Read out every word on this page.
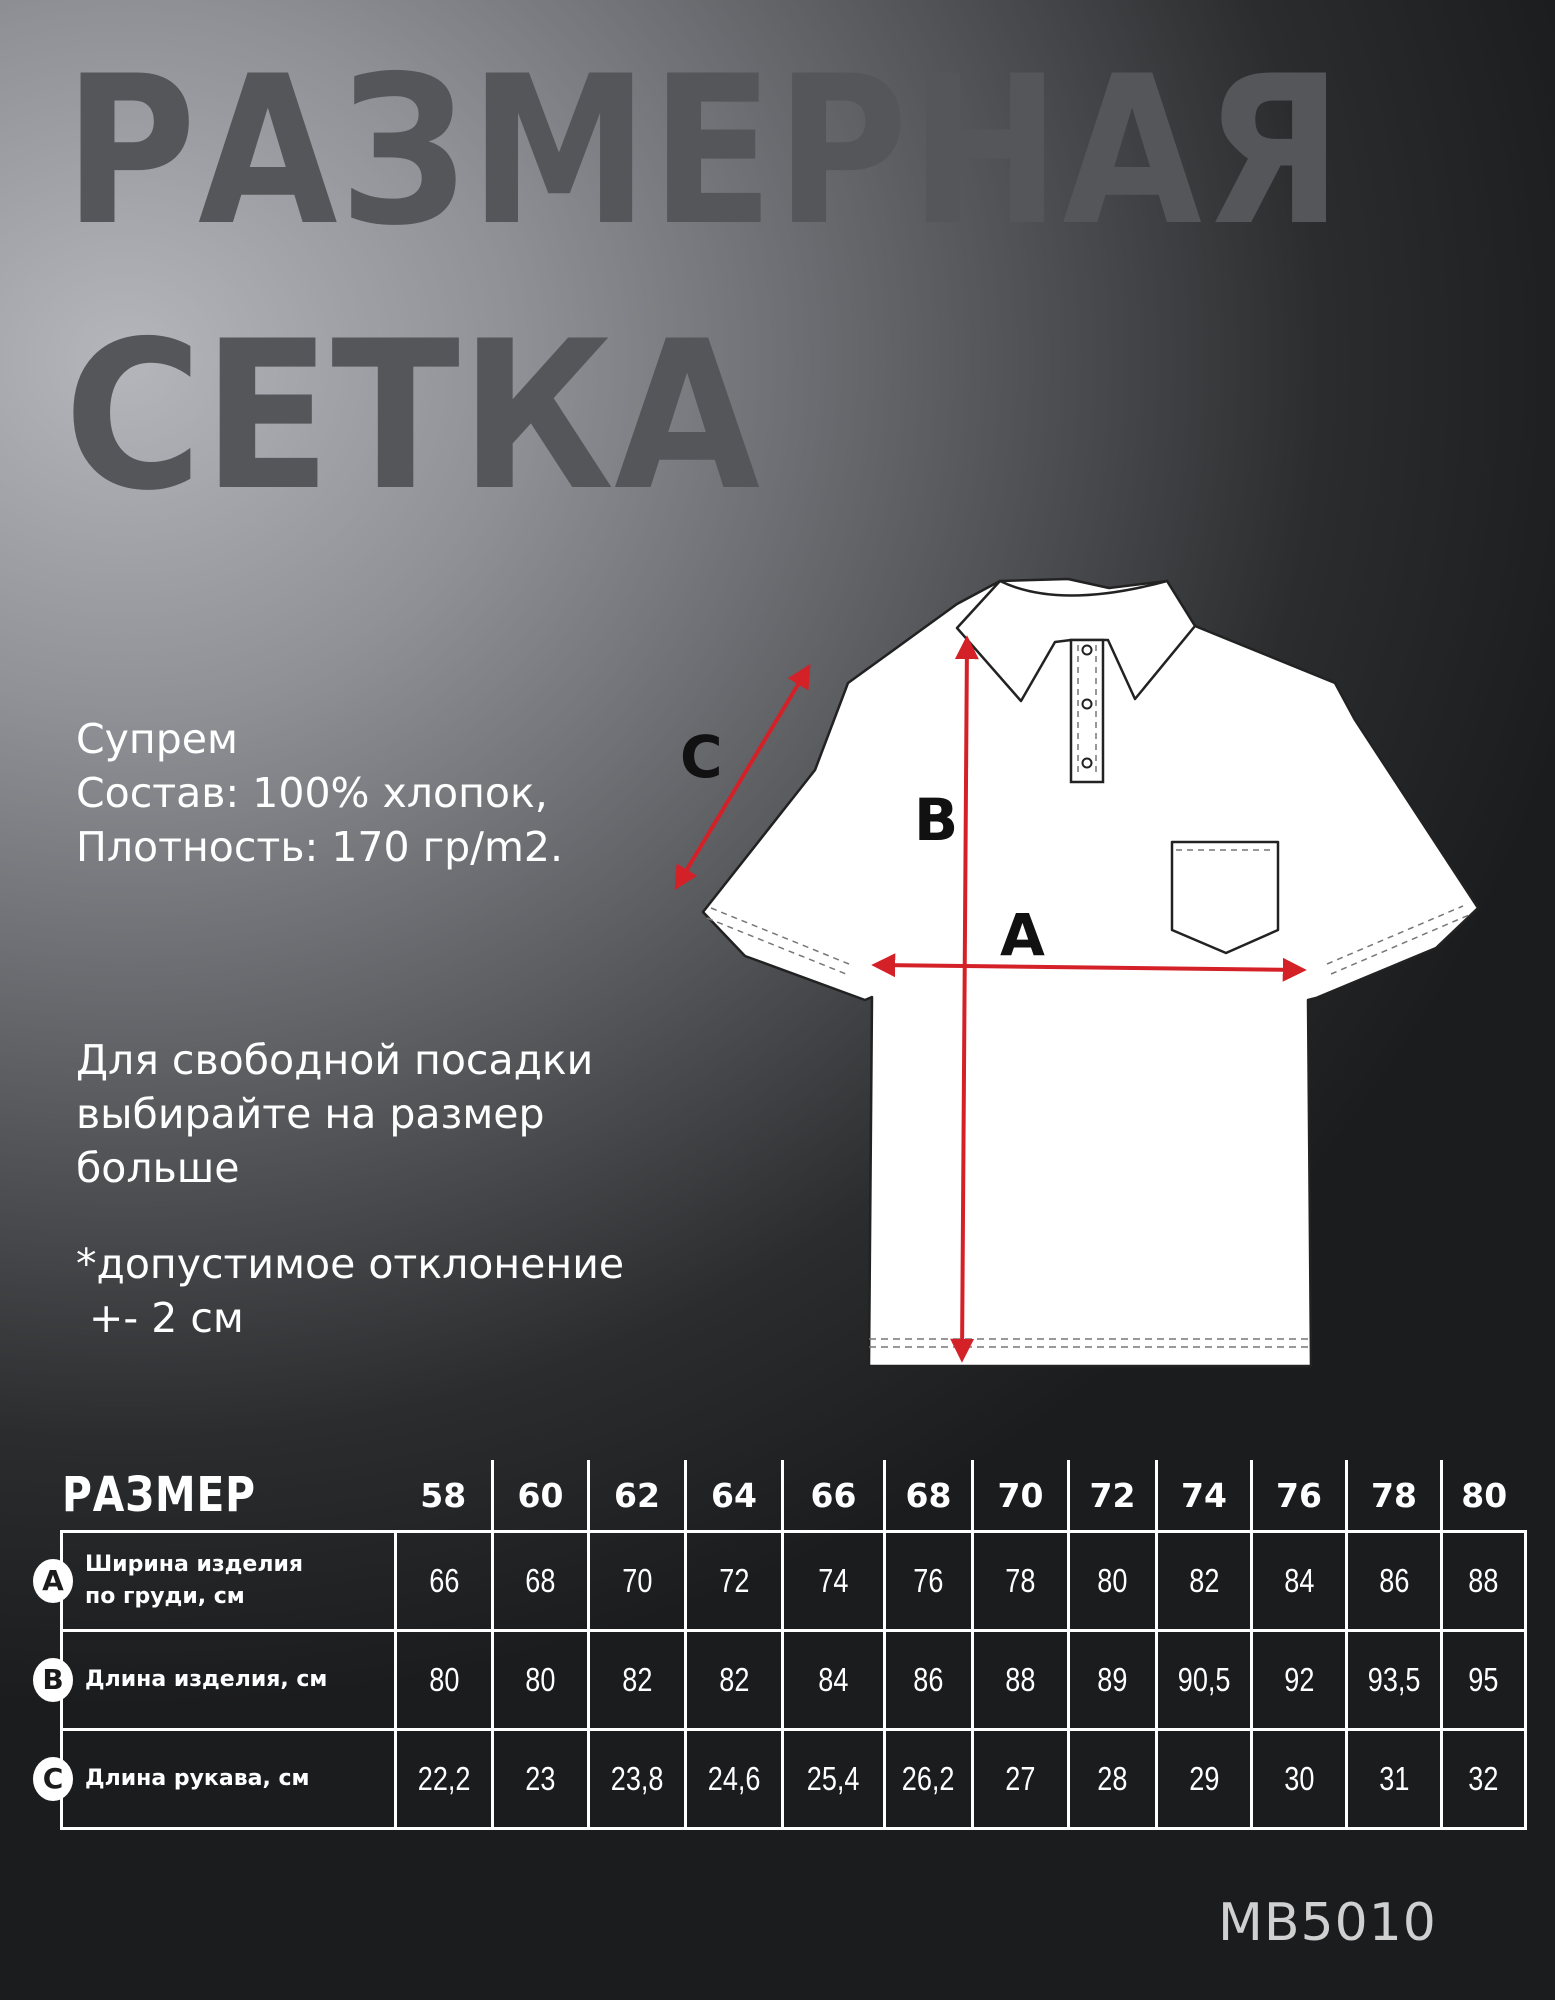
РАЗМЕРНАЯ
СЕТКА
Супрем
Состав: 100% хлопок,
Плотность: 170 гр/m2.
Для свободной посадки
выбирайте на размер
больше
*допустимое отклонение
+- 2 см
A
B
C
РАЗМЕР	58	60	62	64	66	68	70	72	74	76	78	80

A Ширина изделия
по груди, см	66	68	70	72	74	76	78	80	82	84	86	88

B Длина изделия, см	80	80	82	82	84	86	88	89	90,5	92	93,5	95

C Длина рукава, см	22,2	23	23,8	24,6	25,4	26,2	27	28	29	30	31	32
MB5010
